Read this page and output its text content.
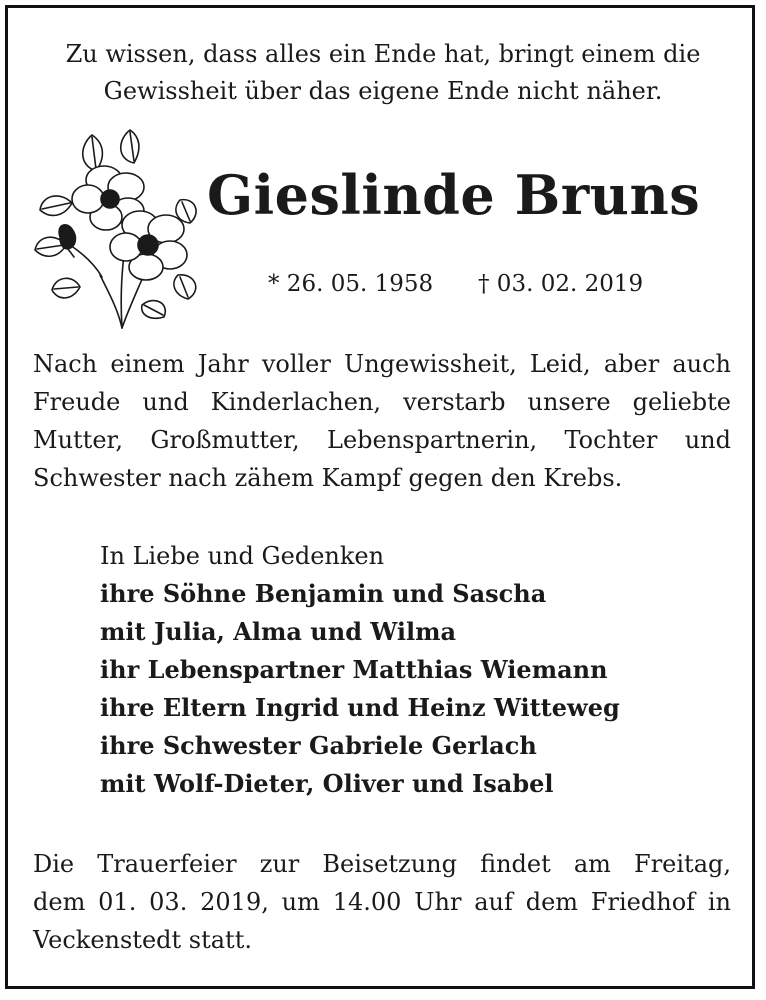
Zu wissen, dass alles ein Ende hat, bringt einem die
Gewissheit über das eigene Ende nicht näher.
Gieslinde Bruns
* 26. 05. 1958 † 03. 02. 2019
Nach einem Jahr voller Ungewissheit, Leid, aber auch
Freude und Kinderlachen, verstarb unsere geliebte
Mutter, Großmutter, Lebenspartnerin, Tochter und
Schwester nach zähem Kampf gegen den Krebs.
In Liebe und Gedenken
ihre Söhne Benjamin und Sascha
mit Julia, Alma und Wilma
ihr Lebenspartner Matthias Wiemann
ihre Eltern Ingrid und Heinz Witteweg
ihre Schwester Gabriele Gerlach
mit Wolf-Dieter, Oliver und Isabel
Die Trauerfeier zur Beisetzung findet am Freitag,
dem 01. 03. 2019, um 14.00 Uhr auf dem Friedhof in
Veckenstedt statt.
